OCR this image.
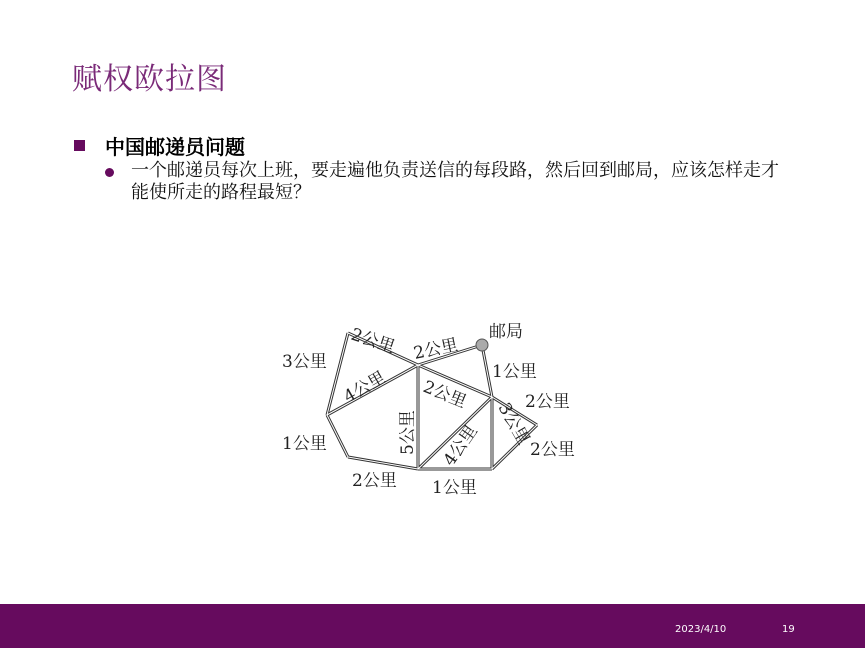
赋权欧拉图
中国邮递员问题
一个邮递员每次上班，要走遍他负责送信的每段路，然后回到邮局，应该怎样走才能使所走的路程最短？
邮局
3公里
2公里 2公里
1公里
4公里 2公里	2公里
5公里	3公里
1公里	4公里	2公里
2公里 1公里
2023/4/10	19
